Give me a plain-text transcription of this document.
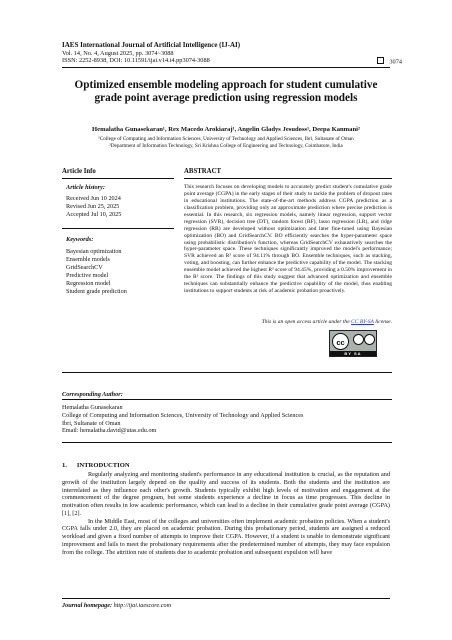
IAES International Journal of Artificial Intelligence (IJ-AI)
Vol. 14, No. 4, August 2025, pp. 3074~3088
ISSN: 2252-8938, DOI: 10.11591/ijai.v14.i4.pp3074-3088	3074
Optimized ensemble modeling approach for student cumulative grade point average prediction using regression models
Hemalatha Gunasekaran¹, Rex Macedo Arokiaraj¹, Angelin Gladys Jesudoss¹, Deepa Kanmani²
¹College of Computing and Information Sciences, University of Technology and Applied Sciences, Ibri, Sultanate of Oman
²Department of Information Technology, Sri Krishna College of Engineering and Technology, Coimbatore, India
Article Info	ABSTRACT
Article history:
Received Jun 10 2024
Revised Jun 25, 2025
Accepted Jul 10, 2025
Keywords:
Bayesian optimization
Ensemble models
GridSearchCV
Predictive model
Regression model
Student grade prediction
This research focuses on developing models to accurately predict student's cumulative grade point average (CGPA) in the early stages of their study to tackle the problem of dropout rates in educational institutions. The state-of-the-art methods address CGPA prediction as a classification problem, providing only an approximate prediction where precise prediction is essential. In this research, six regression models, namely linear regression, support vector regression (SVR), decision tree (DT), random forest (RF), lasso regression (LR), and ridge regression (RR) are developed without optimization and later fine-tuned using Bayesian optimization (BO) and GridSearchCV. BO efficiently searches the hyper-parameter space using probabilistic distribution's function, whereas GridSearchCV exhaustively searches the hyper-parameter space. These techniques significantly improved the model's performance; SVR achieved an R² score of 94.11% through BO. Ensemble techniques, such as stacking, voting, and boosting, can further enhance the predictive capability of the model. The stacking ensemble model achieved the highest R² score of 94.45%, providing a 0.50% improvement in the R² score. The findings of this study suggest that advanced optimization and ensemble techniques can substantially enhance the predictive capability of the model, thus enabling institutions to support students at risk of academic probation proactively.
This is an open access article under the CC BY-SA license.
cc
BY SA
Corresponding Author:
Hemalatha Gunasekaran
College of Computing and Information Sciences, University of Technology and Applied Sciences
Ibri, Sultanate of Oman
Email: hemalatha.david@utas.edu.om
1.      INTRODUCTION

Regularly analyzing and monitoring student's performance in any educational institution is crucial, as the reputation and growth of the institution largely depend on the quality and success of its students. Both the students and the institution are interrelated as they influence each other's growth. Students typically exhibit high levels of motivation and engagement at the commencement of the degree program, but some students experience a decline in focus as time progresses. This decline in motivation often results in low academic performance, which can lead to a decline in their cumulative grade point average (CGPA) [1], [2].

In the Middle East, most of the colleges and universities often implement academic probation policies. When a student's CGPA falls under 2.0, they are placed on academic probation. During this probationary period, students are assigned a reduced workload and given a fixed number of attempts to improve their CGPA. However, if a student is unable to demonstrate significant improvement and fails to meet the probationary requirements after the predetermined number of attempts, they may face expulsion from the college. The attrition rate of students due to academic probation and subsequent expulsion will have

Journal homepage: http://ijai.iaescore.com
